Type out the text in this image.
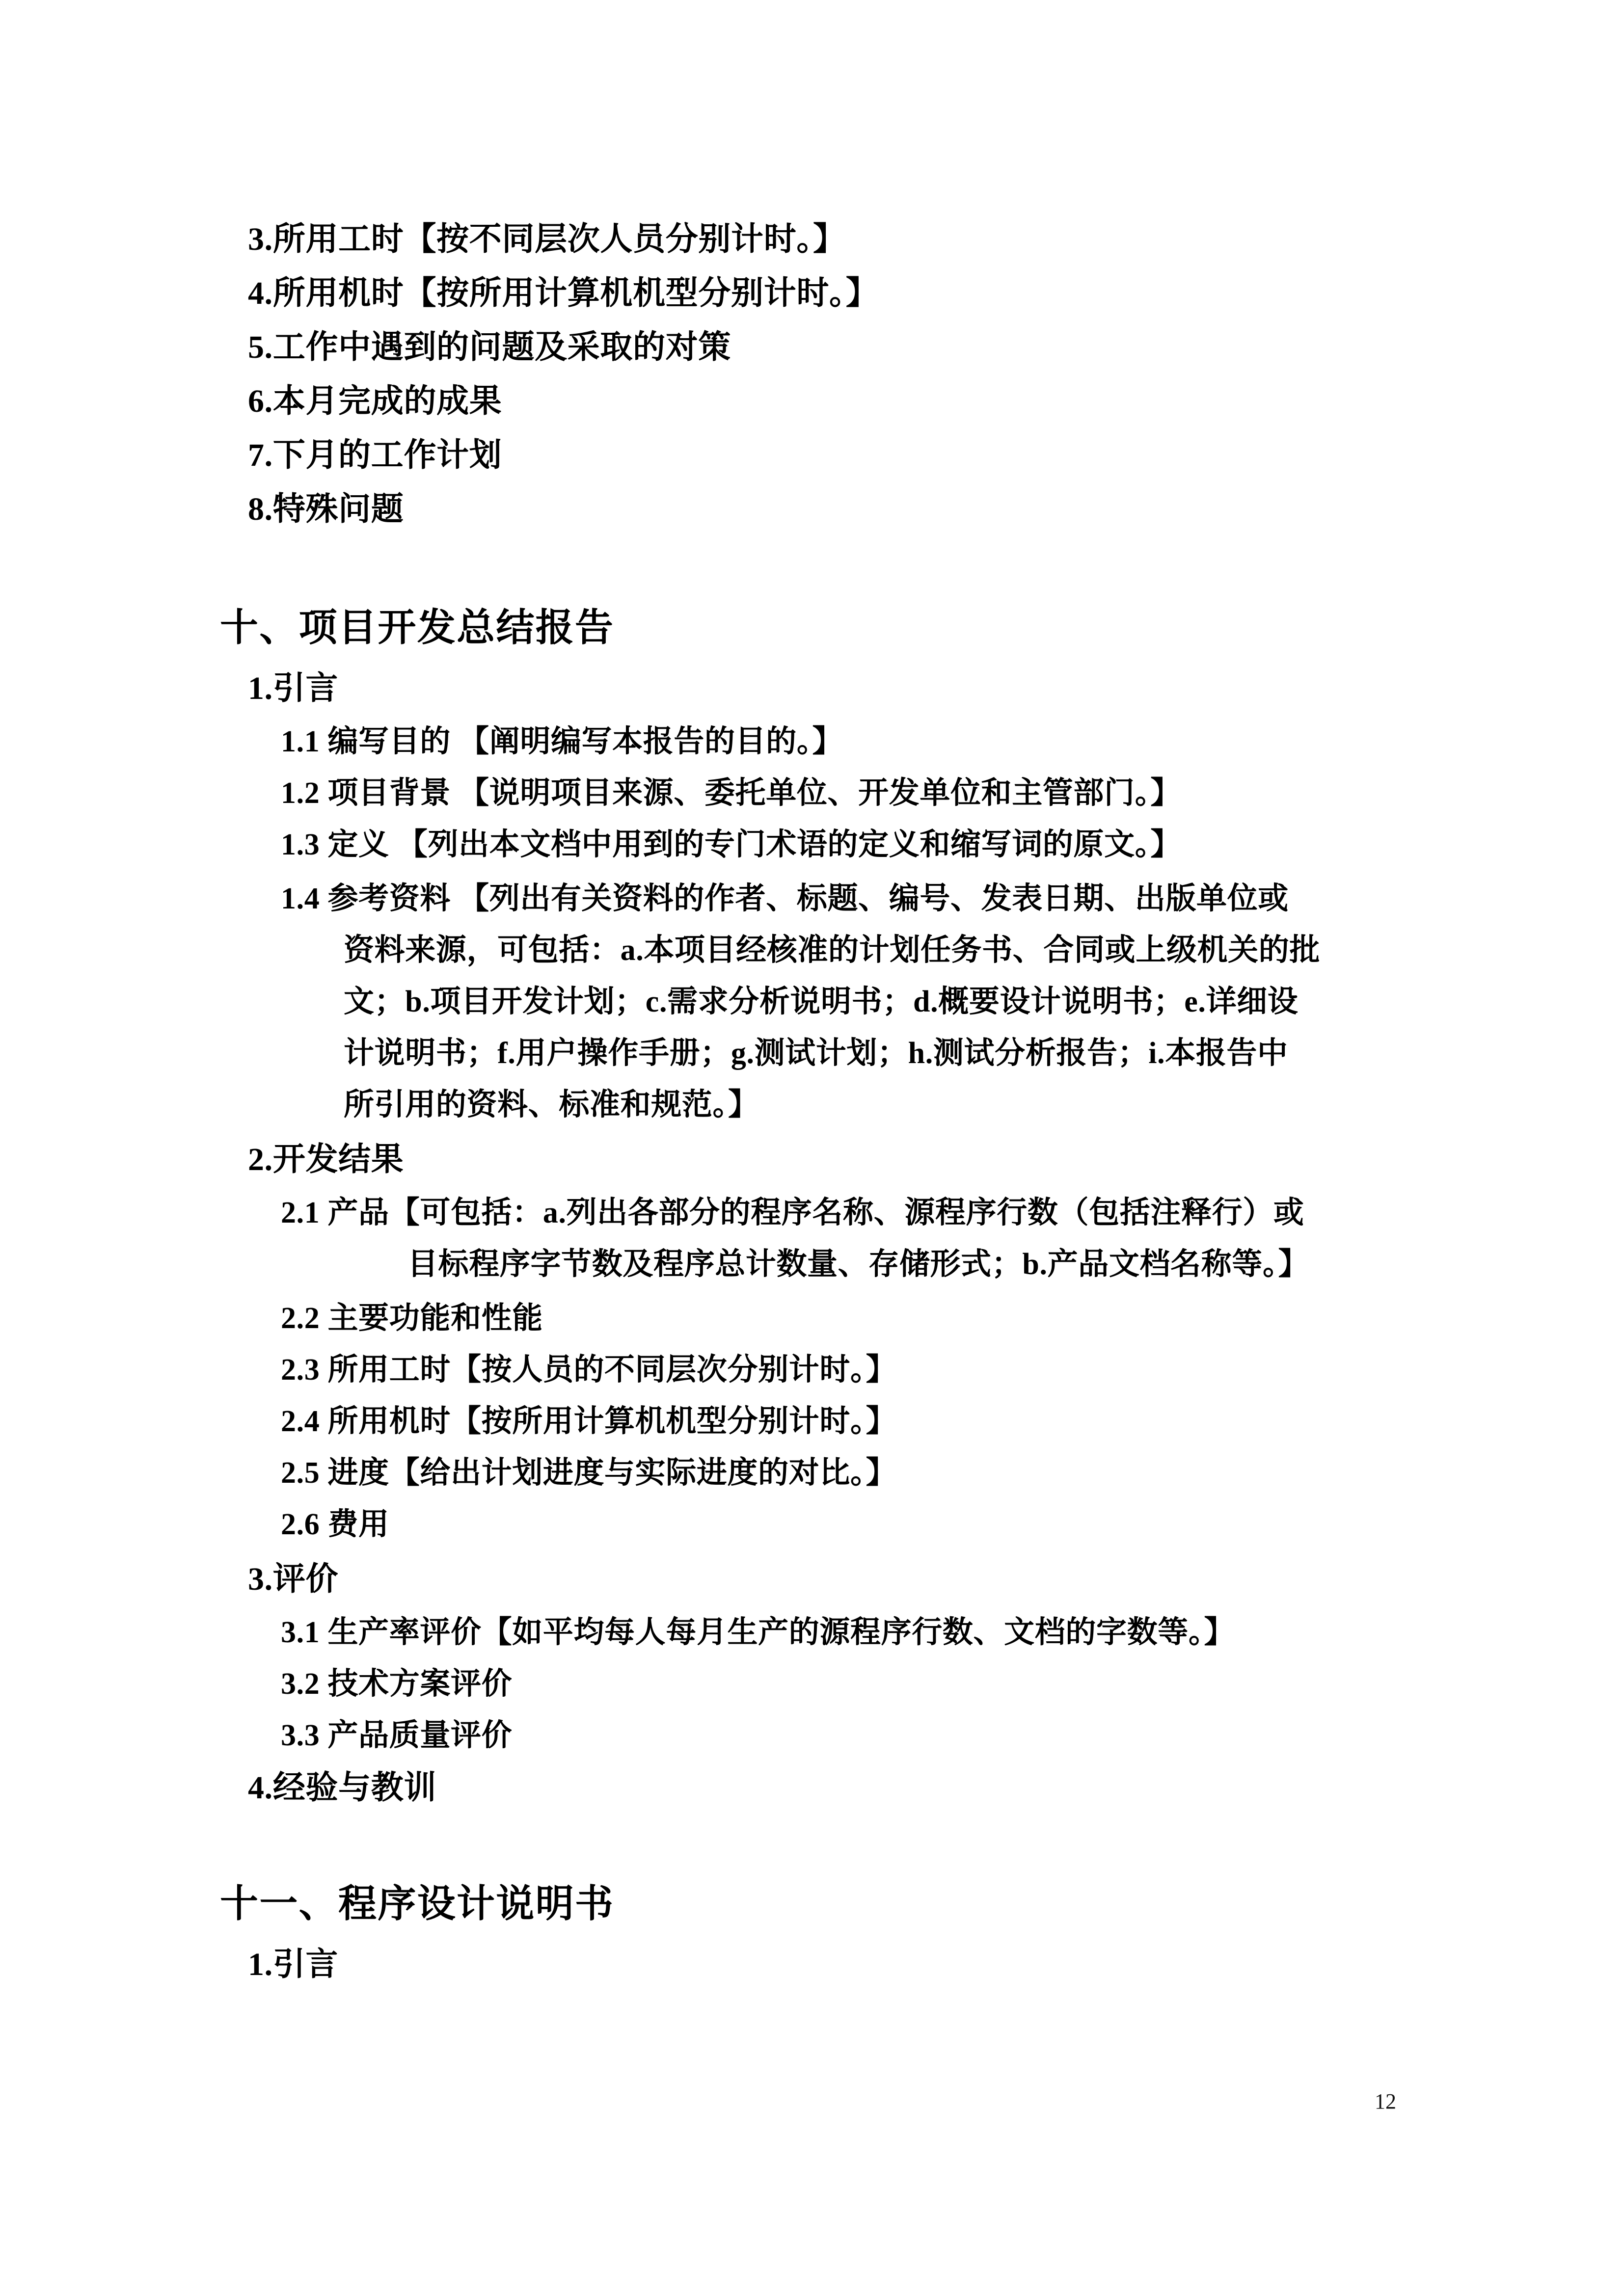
3.所用工时【按不同层次人员分别计时。】
4.所用机时【按所用计算机机型分别计时。】
5.工作中遇到的问题及采取的对策
6.本月完成的成果
7.下月的工作计划
8.特殊问题
十、项目开发总结报告
1.引言
1.1 编写目的 【阐明编写本报告的目的。】
1.2 项目背景 【说明项目来源、委托单位、开发单位和主管部门。】
1.3 定义 【列出本文档中用到的专门术语的定义和缩写词的原文。】
1.4 参考资料 【列出有关资料的作者、标题、编号、发表日期、出版单位或
资料来源，可包括：a.本项目经核准的计划任务书、合同或上级机关的批
文；b.项目开发计划；c.需求分析说明书；d.概要设计说明书；e.详细设
计说明书；f.用户操作手册；g.测试计划；h.测试分析报告；i.本报告中
所引用的资料、标准和规范。】
2.开发结果
2.1 产品【可包括：a.列出各部分的程序名称、源程序行数（包括注释行）或
目标程序字节数及程序总计数量、存储形式；b.产品文档名称等。】
2.2 主要功能和性能
2.3 所用工时【按人员的不同层次分别计时。】
2.4 所用机时【按所用计算机机型分别计时。】
2.5 进度【给出计划进度与实际进度的对比。】
2.6 费用
3.评价
3.1 生产率评价【如平均每人每月生产的源程序行数、文档的字数等。】
3.2 技术方案评价
3.3 产品质量评价
4.经验与教训
十一、程序设计说明书
1.引言
12
